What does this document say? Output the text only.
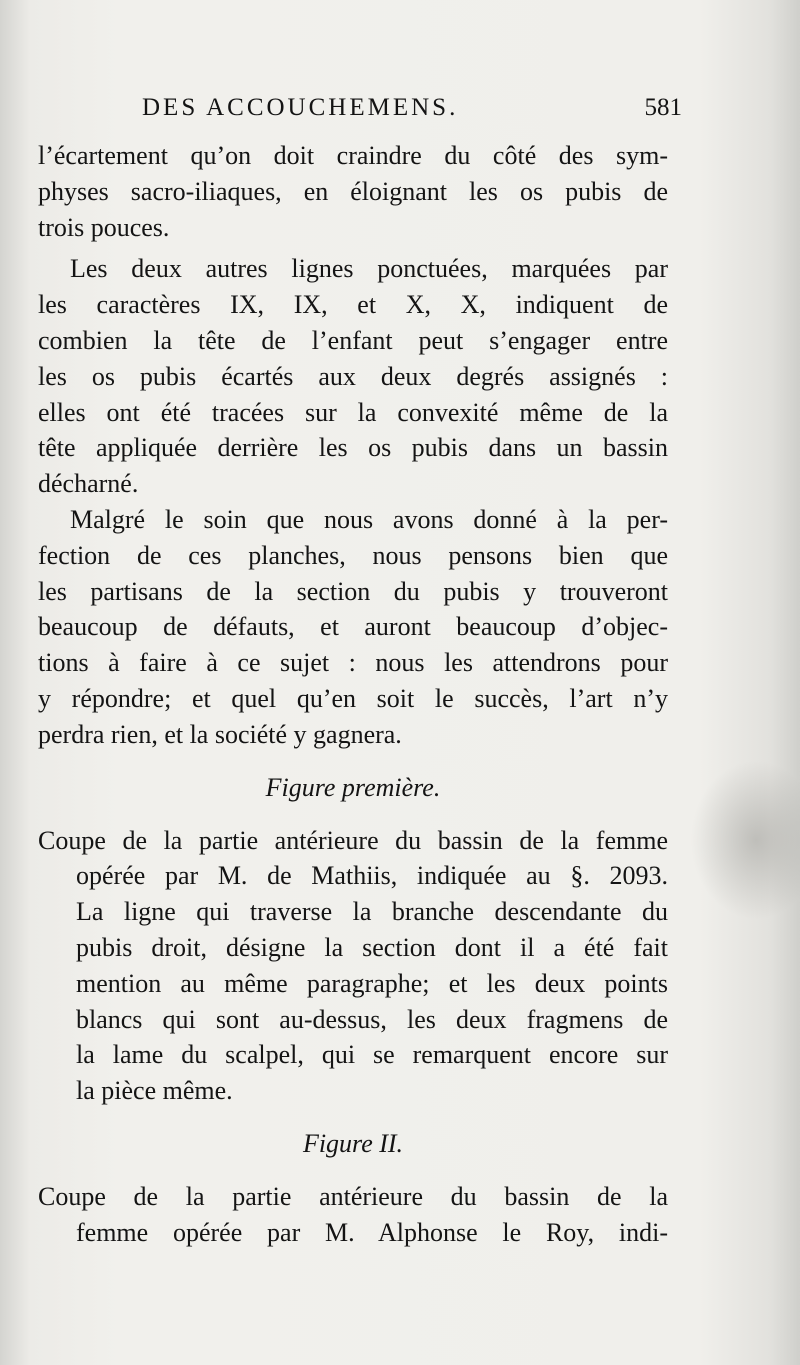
DES ACCOUCHEMENS.	581
l’écartement qu’on doit craindre du côté des sym-
physes sacro-iliaques, en éloignant les os pubis de
trois pouces.
Les deux autres lignes ponctuées, marquées par
les caractères IX, IX, et X, X, indiquent de
combien la tête de l’enfant peut s’engager entre
les os pubis écartés aux deux degrés assignés :
elles ont été tracées sur la convexité même de la
tête appliquée derrière les os pubis dans un bassin
décharné.
Malgré le soin que nous avons donné à la per-
fection de ces planches, nous pensons bien que
les partisans de la section du pubis y trouveront
beaucoup de défauts, et auront beaucoup d’objec-
tions à faire à ce sujet : nous les attendrons pour
y répondre; et quel qu’en soit le succès, l’art n’y
perdra rien, et la société y gagnera.
Figure première.
Coupe de la partie antérieure du bassin de la femme
opérée par M. de Mathiis, indiquée au §. 2093.
La ligne qui traverse la branche descendante du
pubis droit, désigne la section dont il a été fait
mention au même paragraphe; et les deux points
blancs qui sont au-dessus, les deux fragmens de
la lame du scalpel, qui se remarquent encore sur
la pièce même.
Figure II.
Coupe de la partie antérieure du bassin de la
femme opérée par M. Alphonse le Roy, indi-
